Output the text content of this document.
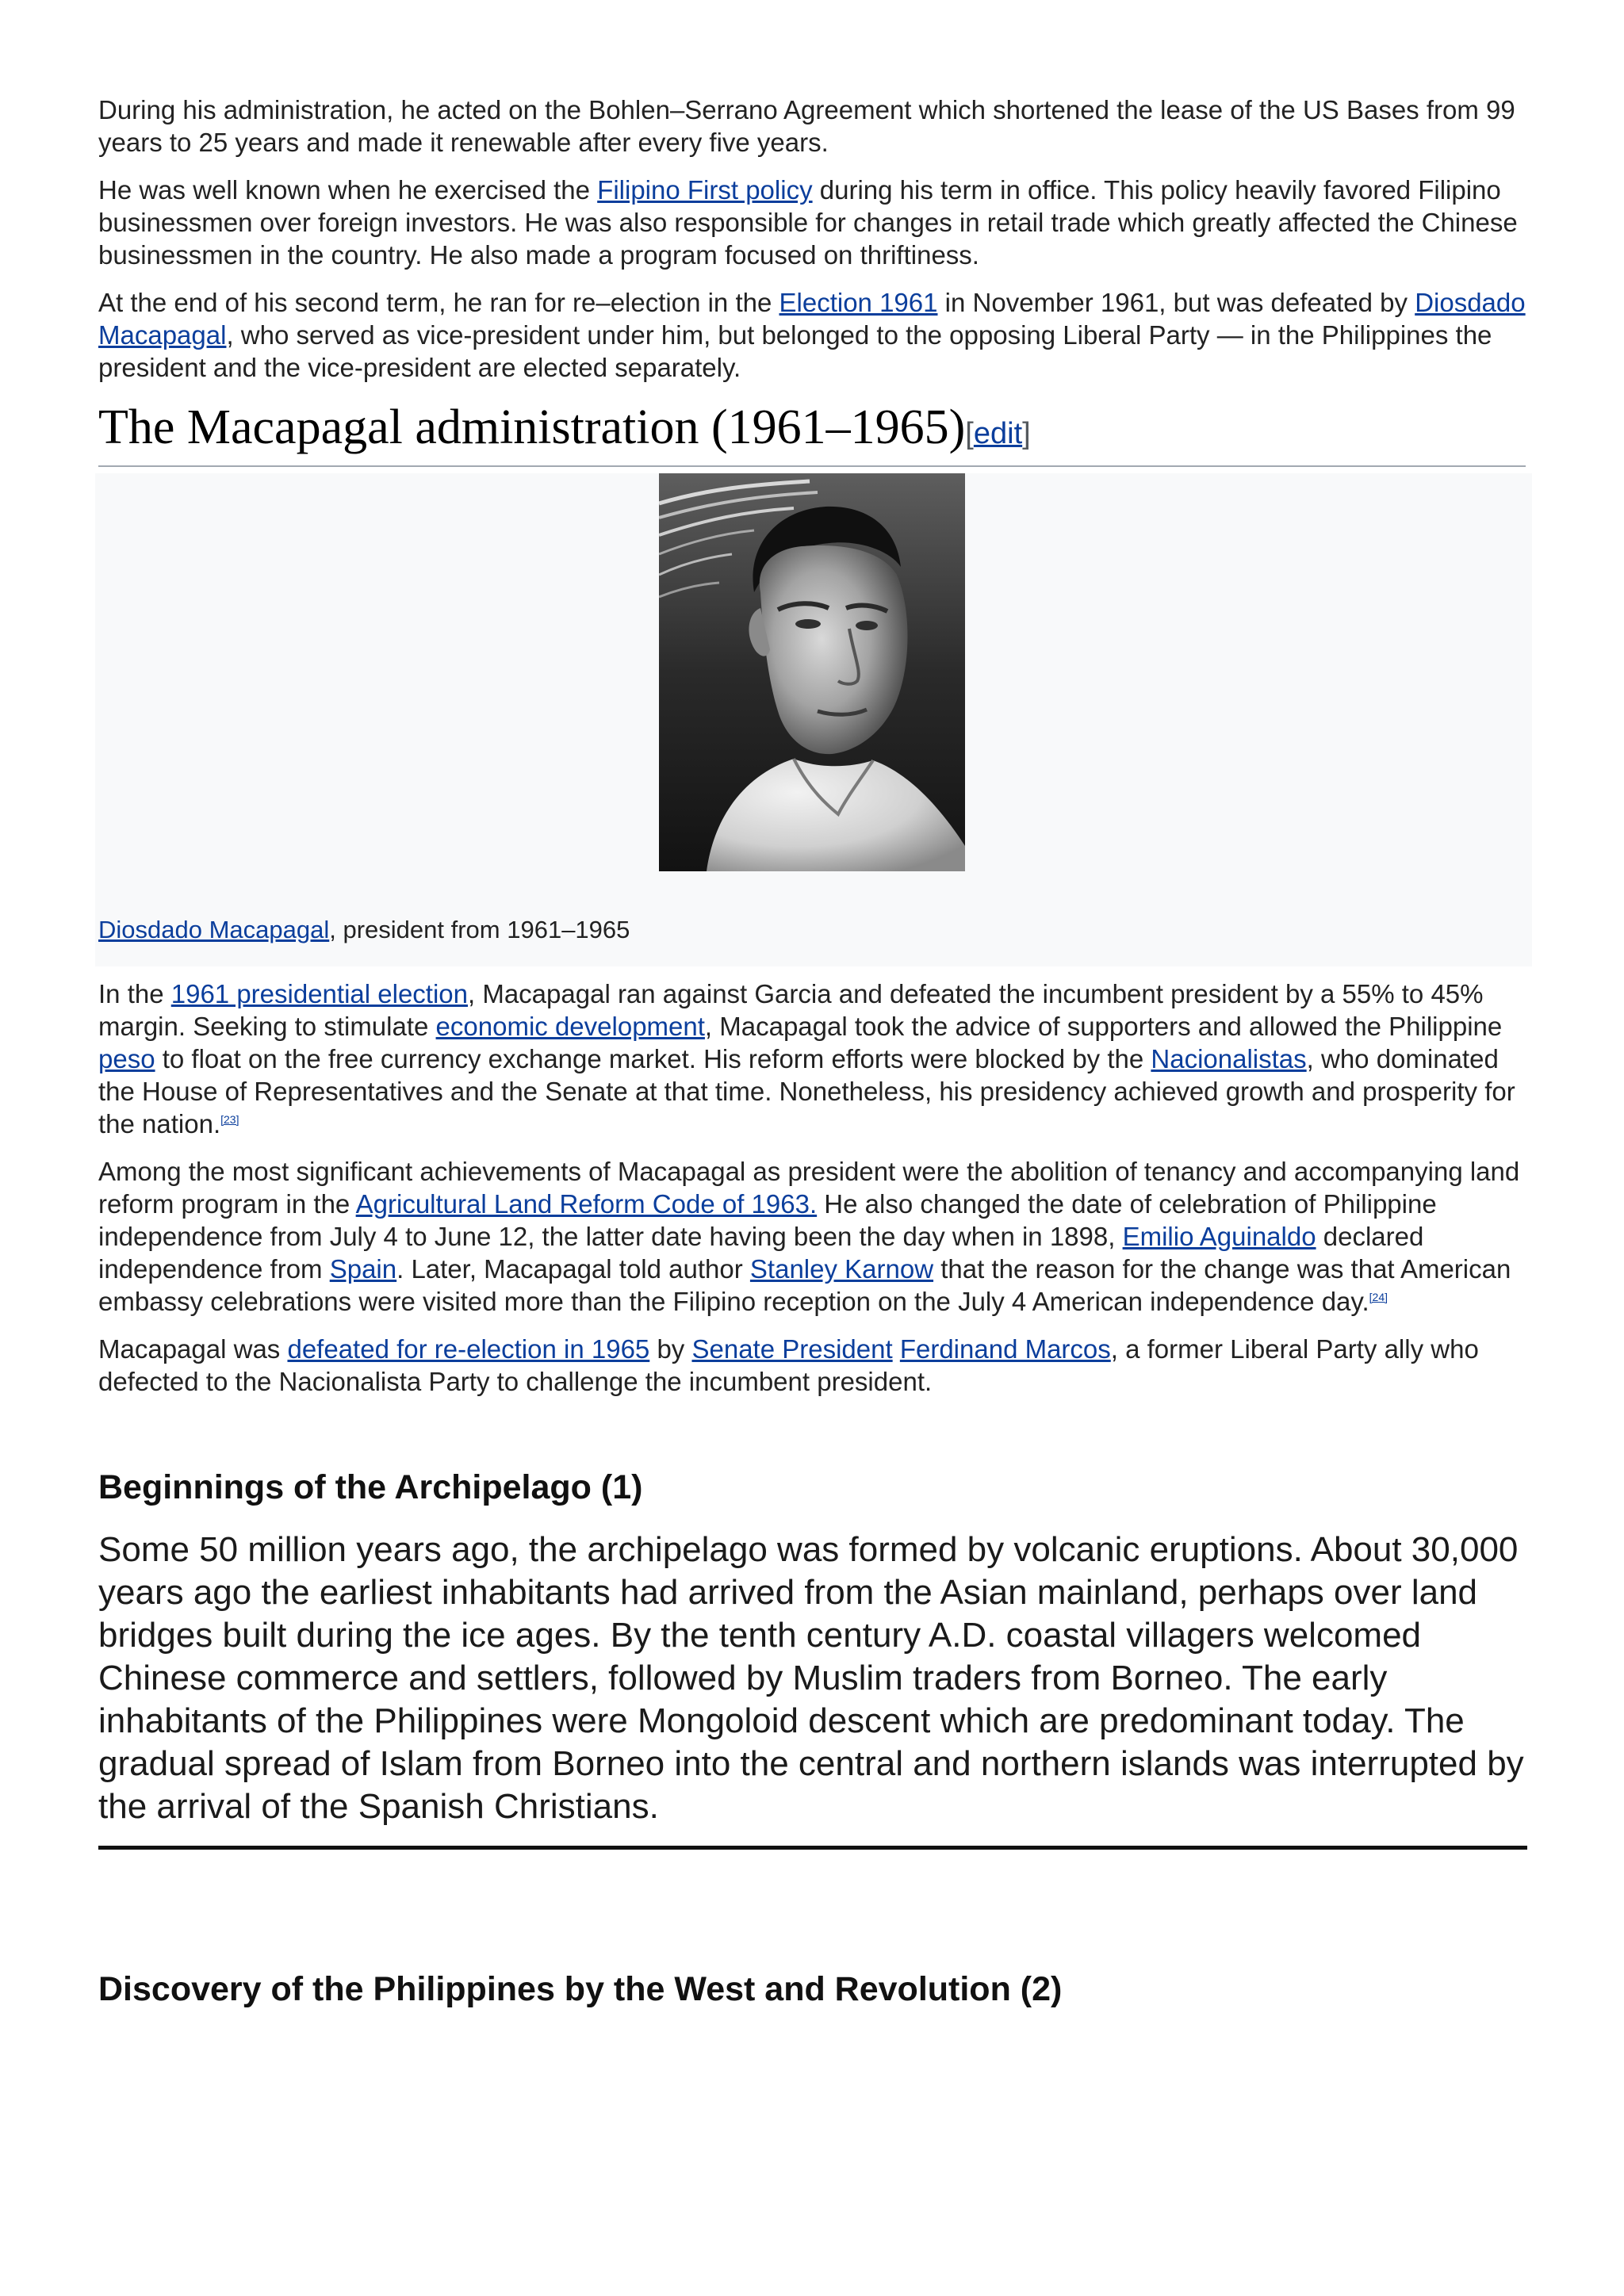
During his administration, he acted on the Bohlen–Serrano Agreement which shortened the lease of the US Bases from 99 years to 25 years and made it renewable after every five years.

He was well known when he exercised the Filipino First policy during his term in office. This policy heavily favored Filipino businessmen over foreign investors. He was also responsible for changes in retail trade which greatly affected the Chinese businessmen in the country. He also made a program focused on thriftiness.

At the end of his second term, he ran for re–election in the Election 1961 in November 1961, but was defeated by Diosdado Macapagal, who served as vice-president under him, but belonged to the opposing Liberal Party — in the Philippines the president and the vice-president are elected separately.

The Macapagal administration (1961–1965)[edit]
Diosdado Macapagal, president from 1961–1965

In the 1961 presidential election, Macapagal ran against Garcia and defeated the incumbent president by a 55% to 45% margin. Seeking to stimulate economic development, Macapagal took the advice of supporters and allowed the Philippine peso to float on the free currency exchange market. His reform efforts were blocked by the Nacionalistas, who dominated the House of Representatives and the Senate at that time. Nonetheless, his presidency achieved growth and prosperity for the nation.[23]

Among the most significant achievements of Macapagal as president were the abolition of tenancy and accompanying land reform program in the Agricultural Land Reform Code of 1963. He also changed the date of celebration of Philippine independence from July 4 to June 12, the latter date having been the day when in 1898, Emilio Aguinaldo declared independence from Spain. Later, Macapagal told author Stanley Karnow that the reason for the change was that American embassy celebrations were visited more than the Filipino reception on the July 4 American independence day.[24]

Macapagal was defeated for re-election in 1965 by Senate President Ferdinand Marcos, a former Liberal Party ally who defected to the Nacionalista Party to challenge the incumbent president.

Beginnings of the Archipelago (1)

Some 50 million years ago, the archipelago was formed by volcanic eruptions. About 30,000 years ago the earliest inhabitants had arrived from the Asian mainland, perhaps over land bridges built during the ice ages. By the tenth century A.D. coastal villagers welcomed Chinese commerce and settlers, followed by Muslim traders from Borneo. The early inhabitants of the Philippines were Mongoloid descent which are predominant today. The gradual spread of Islam from Borneo into the central and northern islands was interrupted by the arrival of the Spanish Christians.

Discovery of the Philippines by the West and Revolution (2)
